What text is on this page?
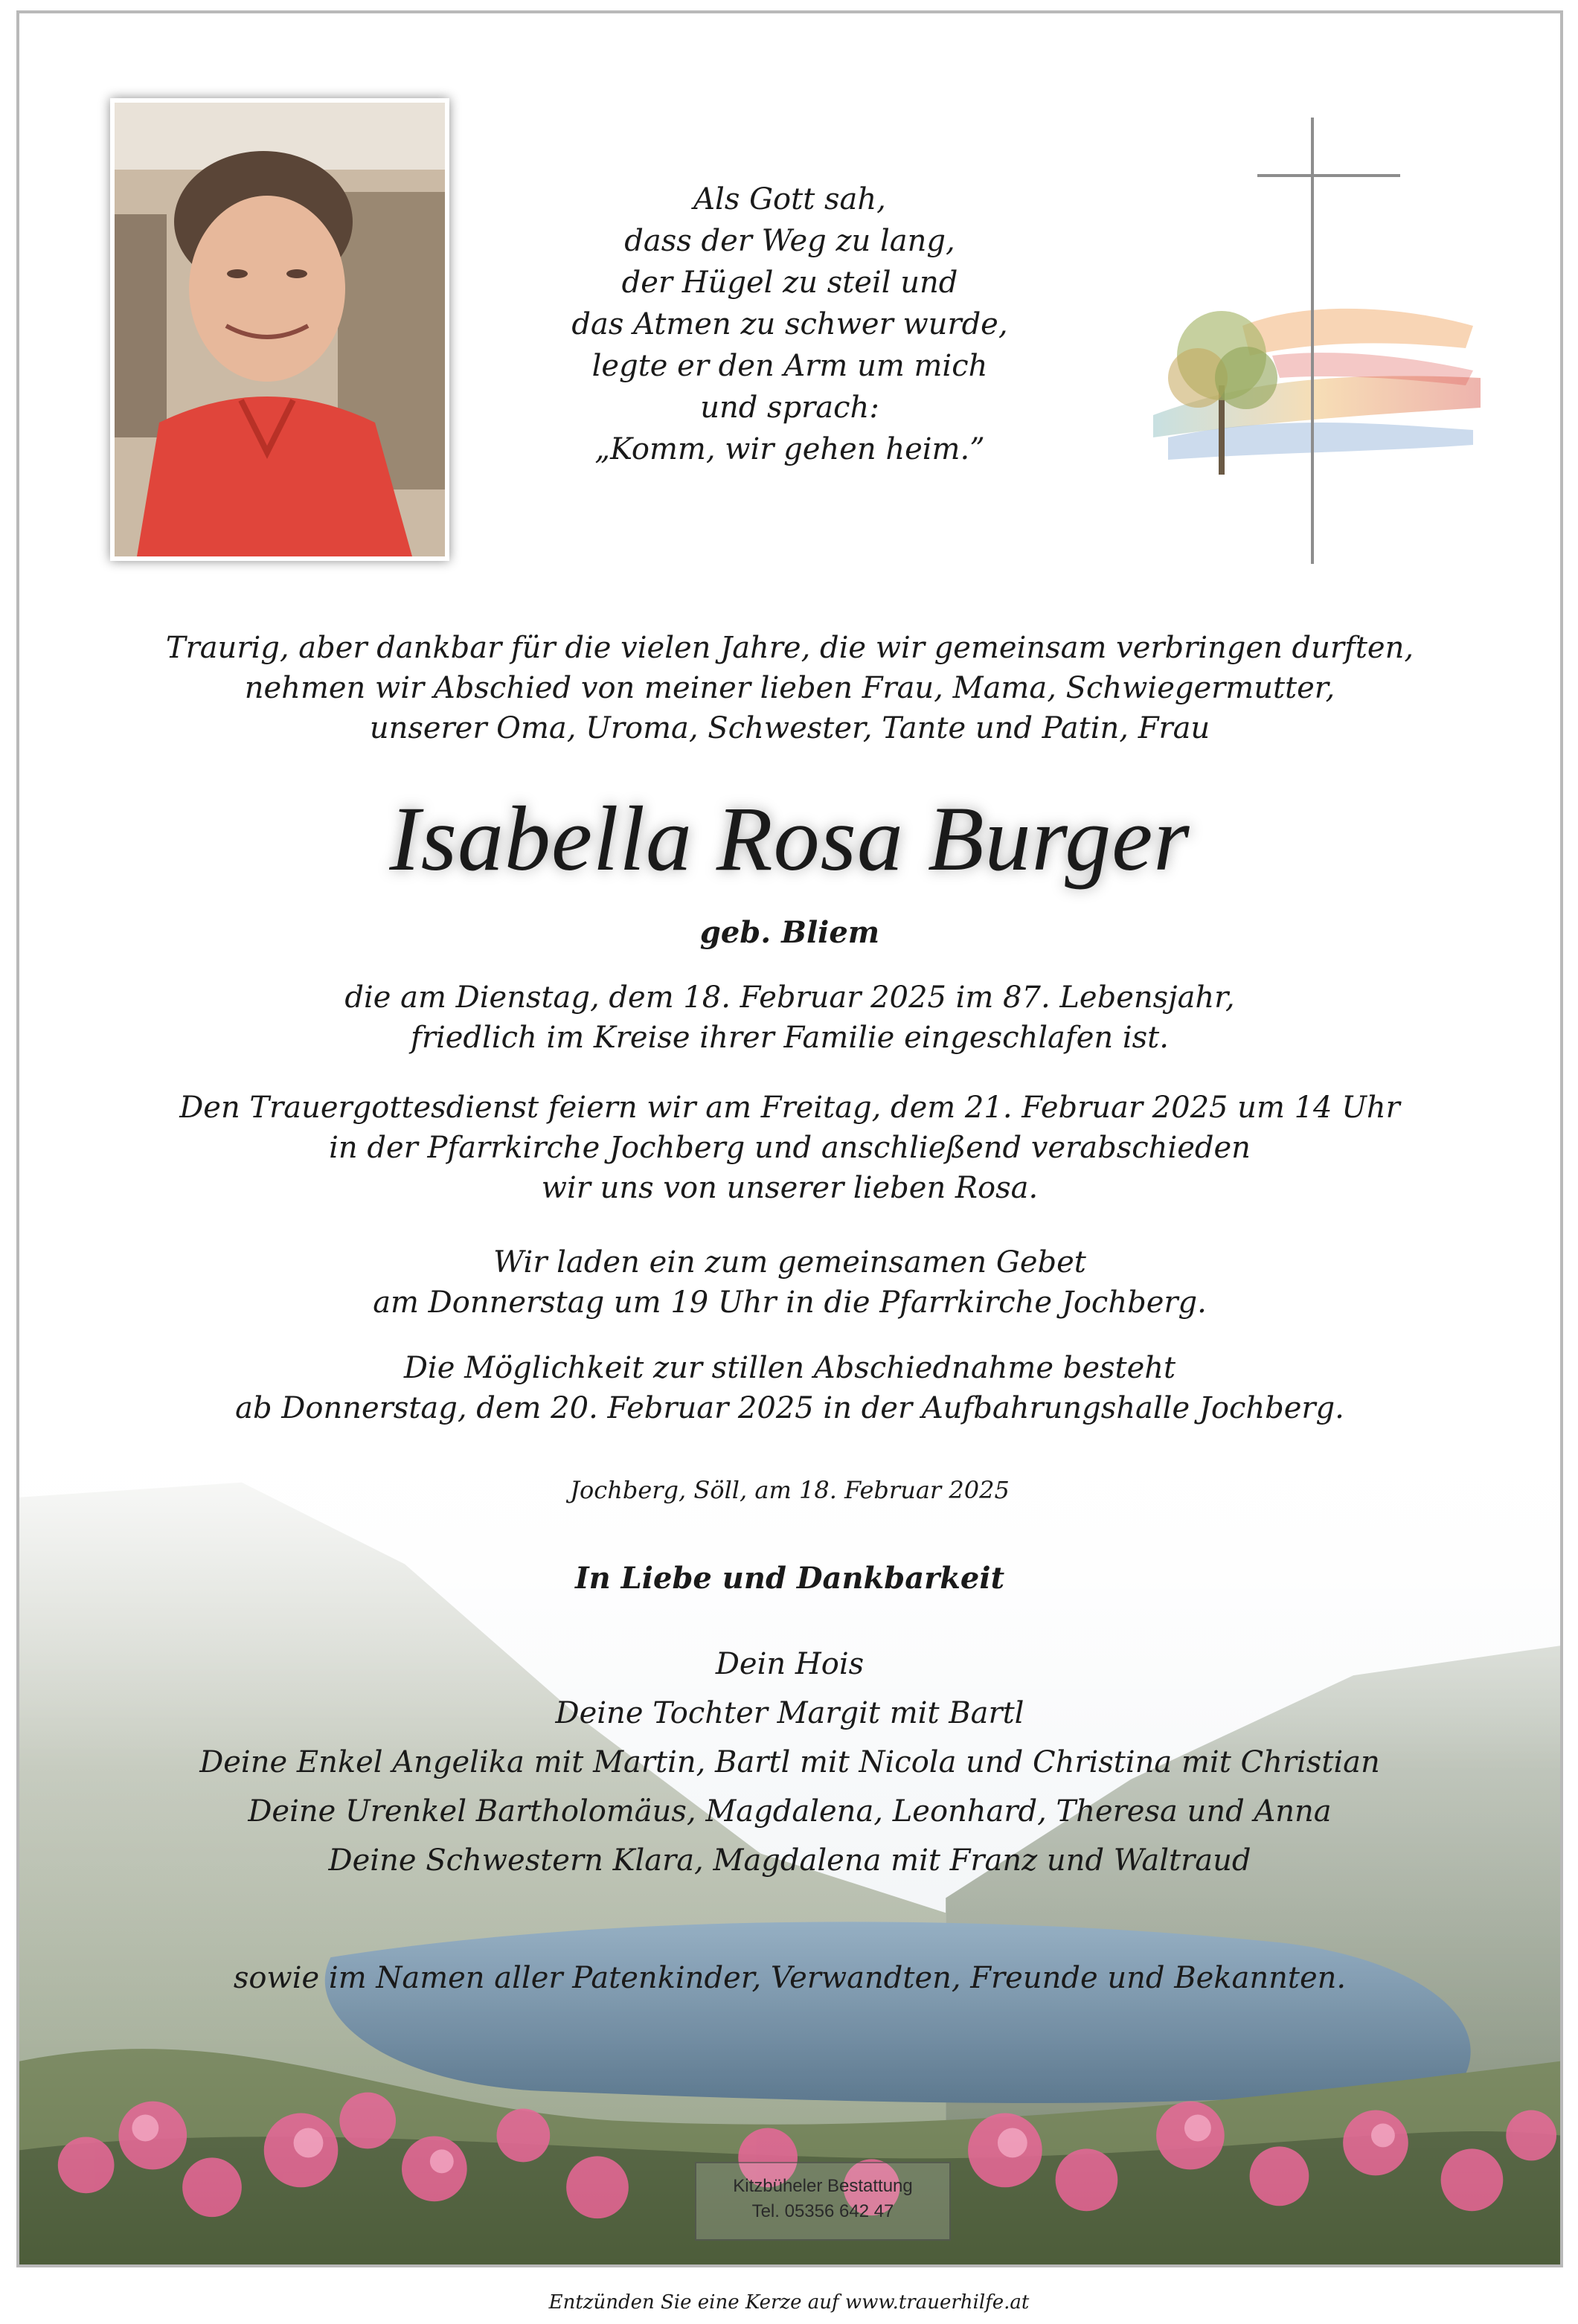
Als Gott sah,
dass der Weg zu lang,
der Hügel zu steil und
das Atmen zu schwer wurde,
legte er den Arm um mich
und sprach:
„Komm, wir gehen heim.”
Traurig, aber dankbar für die vielen Jahre, die wir gemeinsam verbringen durften,
nehmen wir Abschied von meiner lieben Frau, Mama, Schwiegermutter,
unserer Oma, Uroma, Schwester, Tante und Patin, Frau
Isabella Rosa Burger
geb. Bliem
die am Dienstag, dem 18. Februar 2025 im 87. Lebensjahr,
friedlich im Kreise ihrer Familie eingeschlafen ist.
Den Trauergottesdienst feiern wir am Freitag, dem 21. Februar 2025 um 14 Uhr
in der Pfarrkirche Jochberg und anschließend verabschieden
wir uns von unserer lieben Rosa.
Wir laden ein zum gemeinsamen Gebet
am Donnerstag um 19 Uhr in die Pfarrkirche Jochberg.
Die Möglichkeit zur stillen Abschiednahme besteht
ab Donnerstag, dem 20. Februar 2025 in der Aufbahrungshalle Jochberg.
Jochberg, Söll, am 18. Februar 2025
In Liebe und Dankbarkeit
Dein Hois
Deine Tochter Margit mit Bartl
Deine Enkel Angelika mit Martin, Bartl mit Nicola und Christina mit Christian
Deine Urenkel Bartholomäus, Magdalena, Leonhard, Theresa und Anna
Deine Schwestern Klara, Magdalena mit Franz und Waltraud
sowie im Namen aller Patenkinder, Verwandten, Freunde und Bekannten.
Kitzbüheler Bestattung
Tel. 05356 642 47
Entzünden Sie eine Kerze auf www.trauerhilfe.at
